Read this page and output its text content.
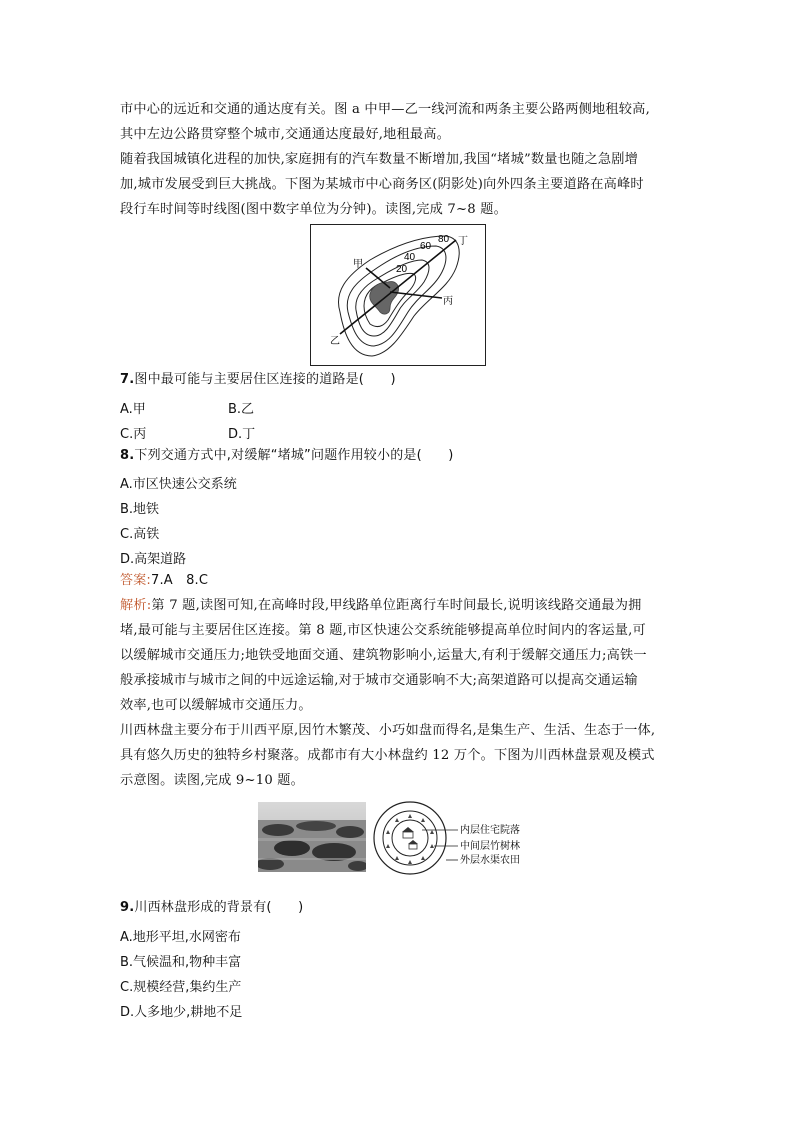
市中心的远近和交通的通达度有关。图 a 中甲—乙一线河流和两条主要公路两侧地租较高,
其中左边公路贯穿整个城市,交通通达度最好,地租最高。
随着我国城镇化进程的加快,家庭拥有的汽车数量不断增加,我国“堵城”数量也随之急剧增
加,城市发展受到巨大挑战。下图为某城市中心商务区(阴影处)向外四条主要道路在高峰时
段行车时间等时线图(图中数字单位为分钟)。读图,完成 7~8 题。
20
40
60
80
甲
乙
丙
丁
7.图中最可能与主要居住区连接的道路是(　　)
A.甲	B.乙
C.丙	D.丁
8.下列交通方式中,对缓解“堵城”问题作用较小的是(　　)
A.市区快速公交系统
B.地铁
C.高铁
D.高架道路
答案:7.A　8.C
解析:第 7 题,读图可知,在高峰时段,甲线路单位距离行车时间最长,说明该线路交通最为拥
堵,最可能与主要居住区连接。第 8 题,市区快速公交系统能够提高单位时间内的客运量,可
以缓解城市交通压力;地铁受地面交通、建筑物影响小,运量大,有利于缓解交通压力;高铁一
般承接城市与城市之间的中远途运输,对于城市交通影响不大;高架道路可以提高交通运输
效率,也可以缓解城市交通压力。
川西林盘主要分布于川西平原,因竹木繁茂、小巧如盘而得名,是集生产、生活、生态于一体,
具有悠久历史的独特乡村聚落。成都市有大小林盘约 12 万个。下图为川西林盘景观及模式
示意图。读图,完成 9~10 题。
内层住宅院落
中间层竹树林
外层水渠农田
9.川西林盘形成的背景有(　　)
A.地形平坦,水网密布
B.气候温和,物种丰富
C.规模经营,集约生产
D.人多地少,耕地不足
